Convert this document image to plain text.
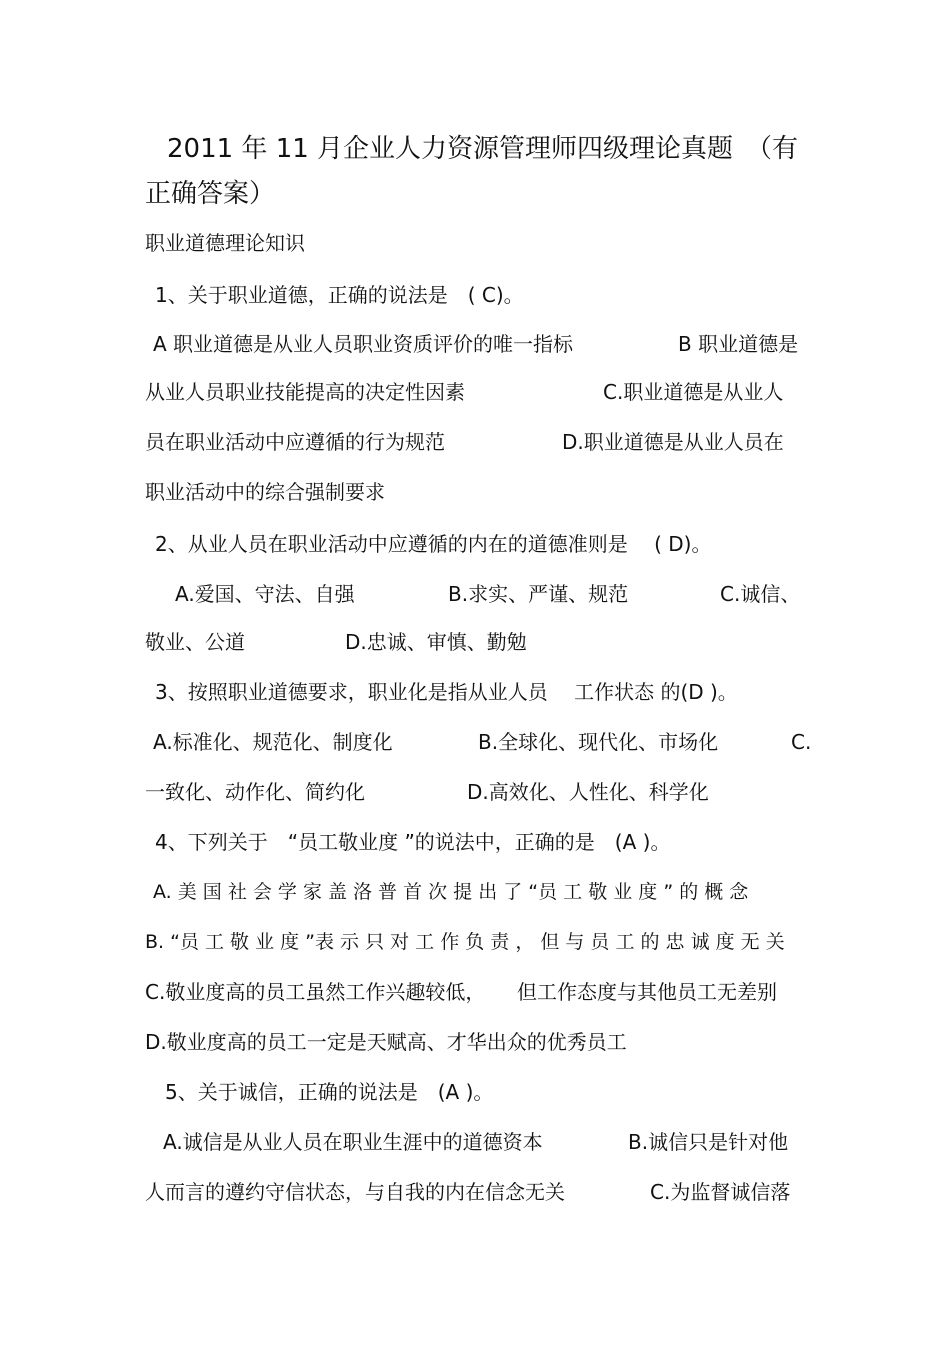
2011 年 11 月企业人力资源管理师四级理论真题　（有正确答案）
职业道德理论知识
1、关于职业道德，正确的说法是　( C)。
A 职业道德是从业人员职业资质评价的唯一指标	B 职业道德是
从业人员职业技能提高的决定性因素	C.职业道德是从业人
员在职业活动中应遵循的行为规范	D.职业道德是从业人员在
职业活动中的综合强制要求
2、从业人员在职业活动中应遵循的内在的道德准则是　 ( D)。
A.爱国、守法、自强	B.求实、严谨、规范	C.诚信、
敬业、公道	D.忠诚、审慎、勤勉
3、按照职业道德要求，职业化是指从业人员　 工作状态 的(D )。
A.标准化、规范化、制度化	B.全球化、现代化、市场化	C.
一致化、动作化、简约化	D.高效化、人性化、科学化
4、下列关于　“员工敬业度 ”的说法中，正确的是　(A )。
A. 美 国 社 会 学 家 盖 洛 普 首 次 提 出 了 “员 工 敬 业 度 ” 的 概 念
B. “员 工 敬 业 度 ”表 示 只 对 工 作 负 责 ， 但 与 员 工 的 忠 诚 度 无 关
C.敬业度高的员工虽然工作兴趣较低， 但工作态度与其他员工无差别
D.敬业度高的员工一定是天赋高、才华出众的优秀员工
5、关于诚信，正确的说法是　(A )。
A.诚信是从业人员在职业生涯中的道德资本	B.诚信只是针对他
人而言的遵约守信状态，与自我的内在信念无关	C.为监督诚信落
